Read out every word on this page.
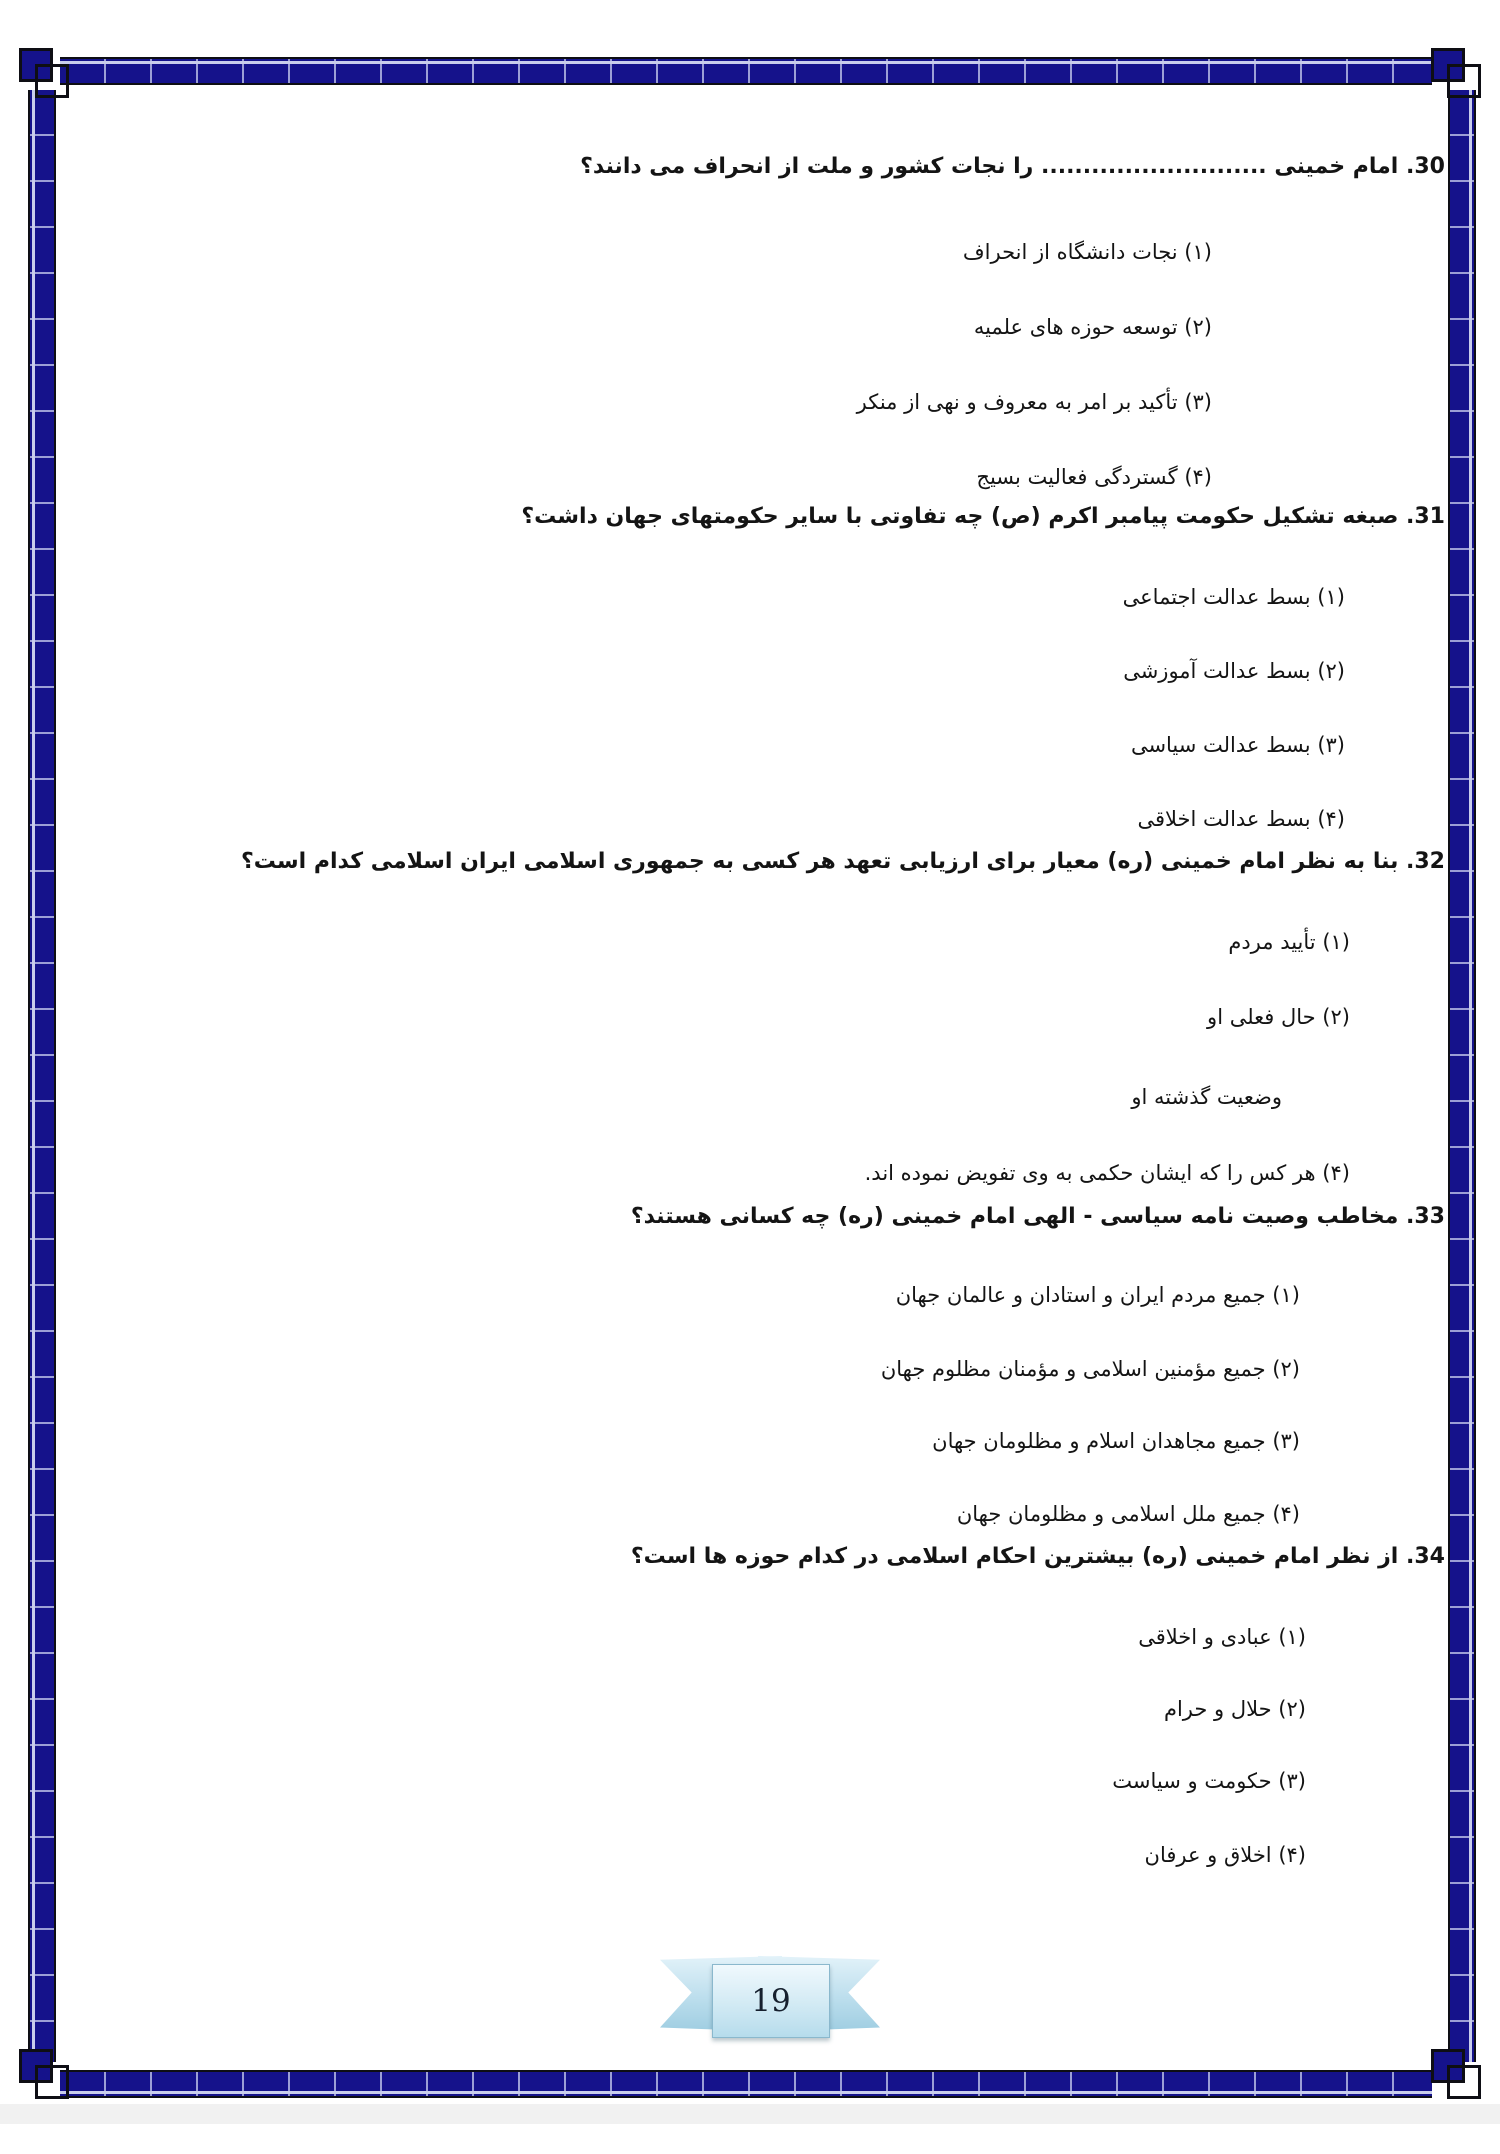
30. امام خمینی ........................... را نجات کشور و ملت از انحراف می دانند؟
(۱) نجات دانشگاه از انحراف
(۲) توسعه حوزه های علمیه
(۳) تأکید بر امر به معروف و نهی از منکر
(۴) گستردگی فعالیت بسیج
31. صبغه تشکیل حکومت پیامبر اکرم (ص) چه تفاوتی با سایر حکومتهای جهان داشت؟
(۱) بسط عدالت اجتماعی
(۲) بسط عدالت آموزشی
(۳) بسط عدالت سیاسی
(۴) بسط عدالت اخلاقی
32. بنا به نظر امام خمینی (ره) معیار برای ارزیابی تعهد هر کسی به جمهوری اسلامی ایران اسلامی کدام است؟
(۱) تأیید مردم
(۲) حال فعلی او
وضعیت گذشته او
(۴) هر کس را که ایشان حکمی به وی تفویض نموده اند.
33. مخاطب وصیت نامه سیاسی - الهی امام خمینی (ره) چه کسانی هستند؟
(۱) جمیع مردم ایران و استادان و عالمان جهان
(۲) جمیع مؤمنین اسلامی و مؤمنان مظلوم جهان
(۳) جمیع مجاهدان اسلام و مظلومان جهان
(۴) جمیع ملل اسلامی و مظلومان جهان
34. از نظر امام خمینی (ره) بیشترین احکام اسلامی در کدام حوزه ها است؟
(۱) عبادی و اخلاقی
(۲) حلال و حرام
(۳) حکومت و سیاست
(۴) اخلاق و عرفان
19
